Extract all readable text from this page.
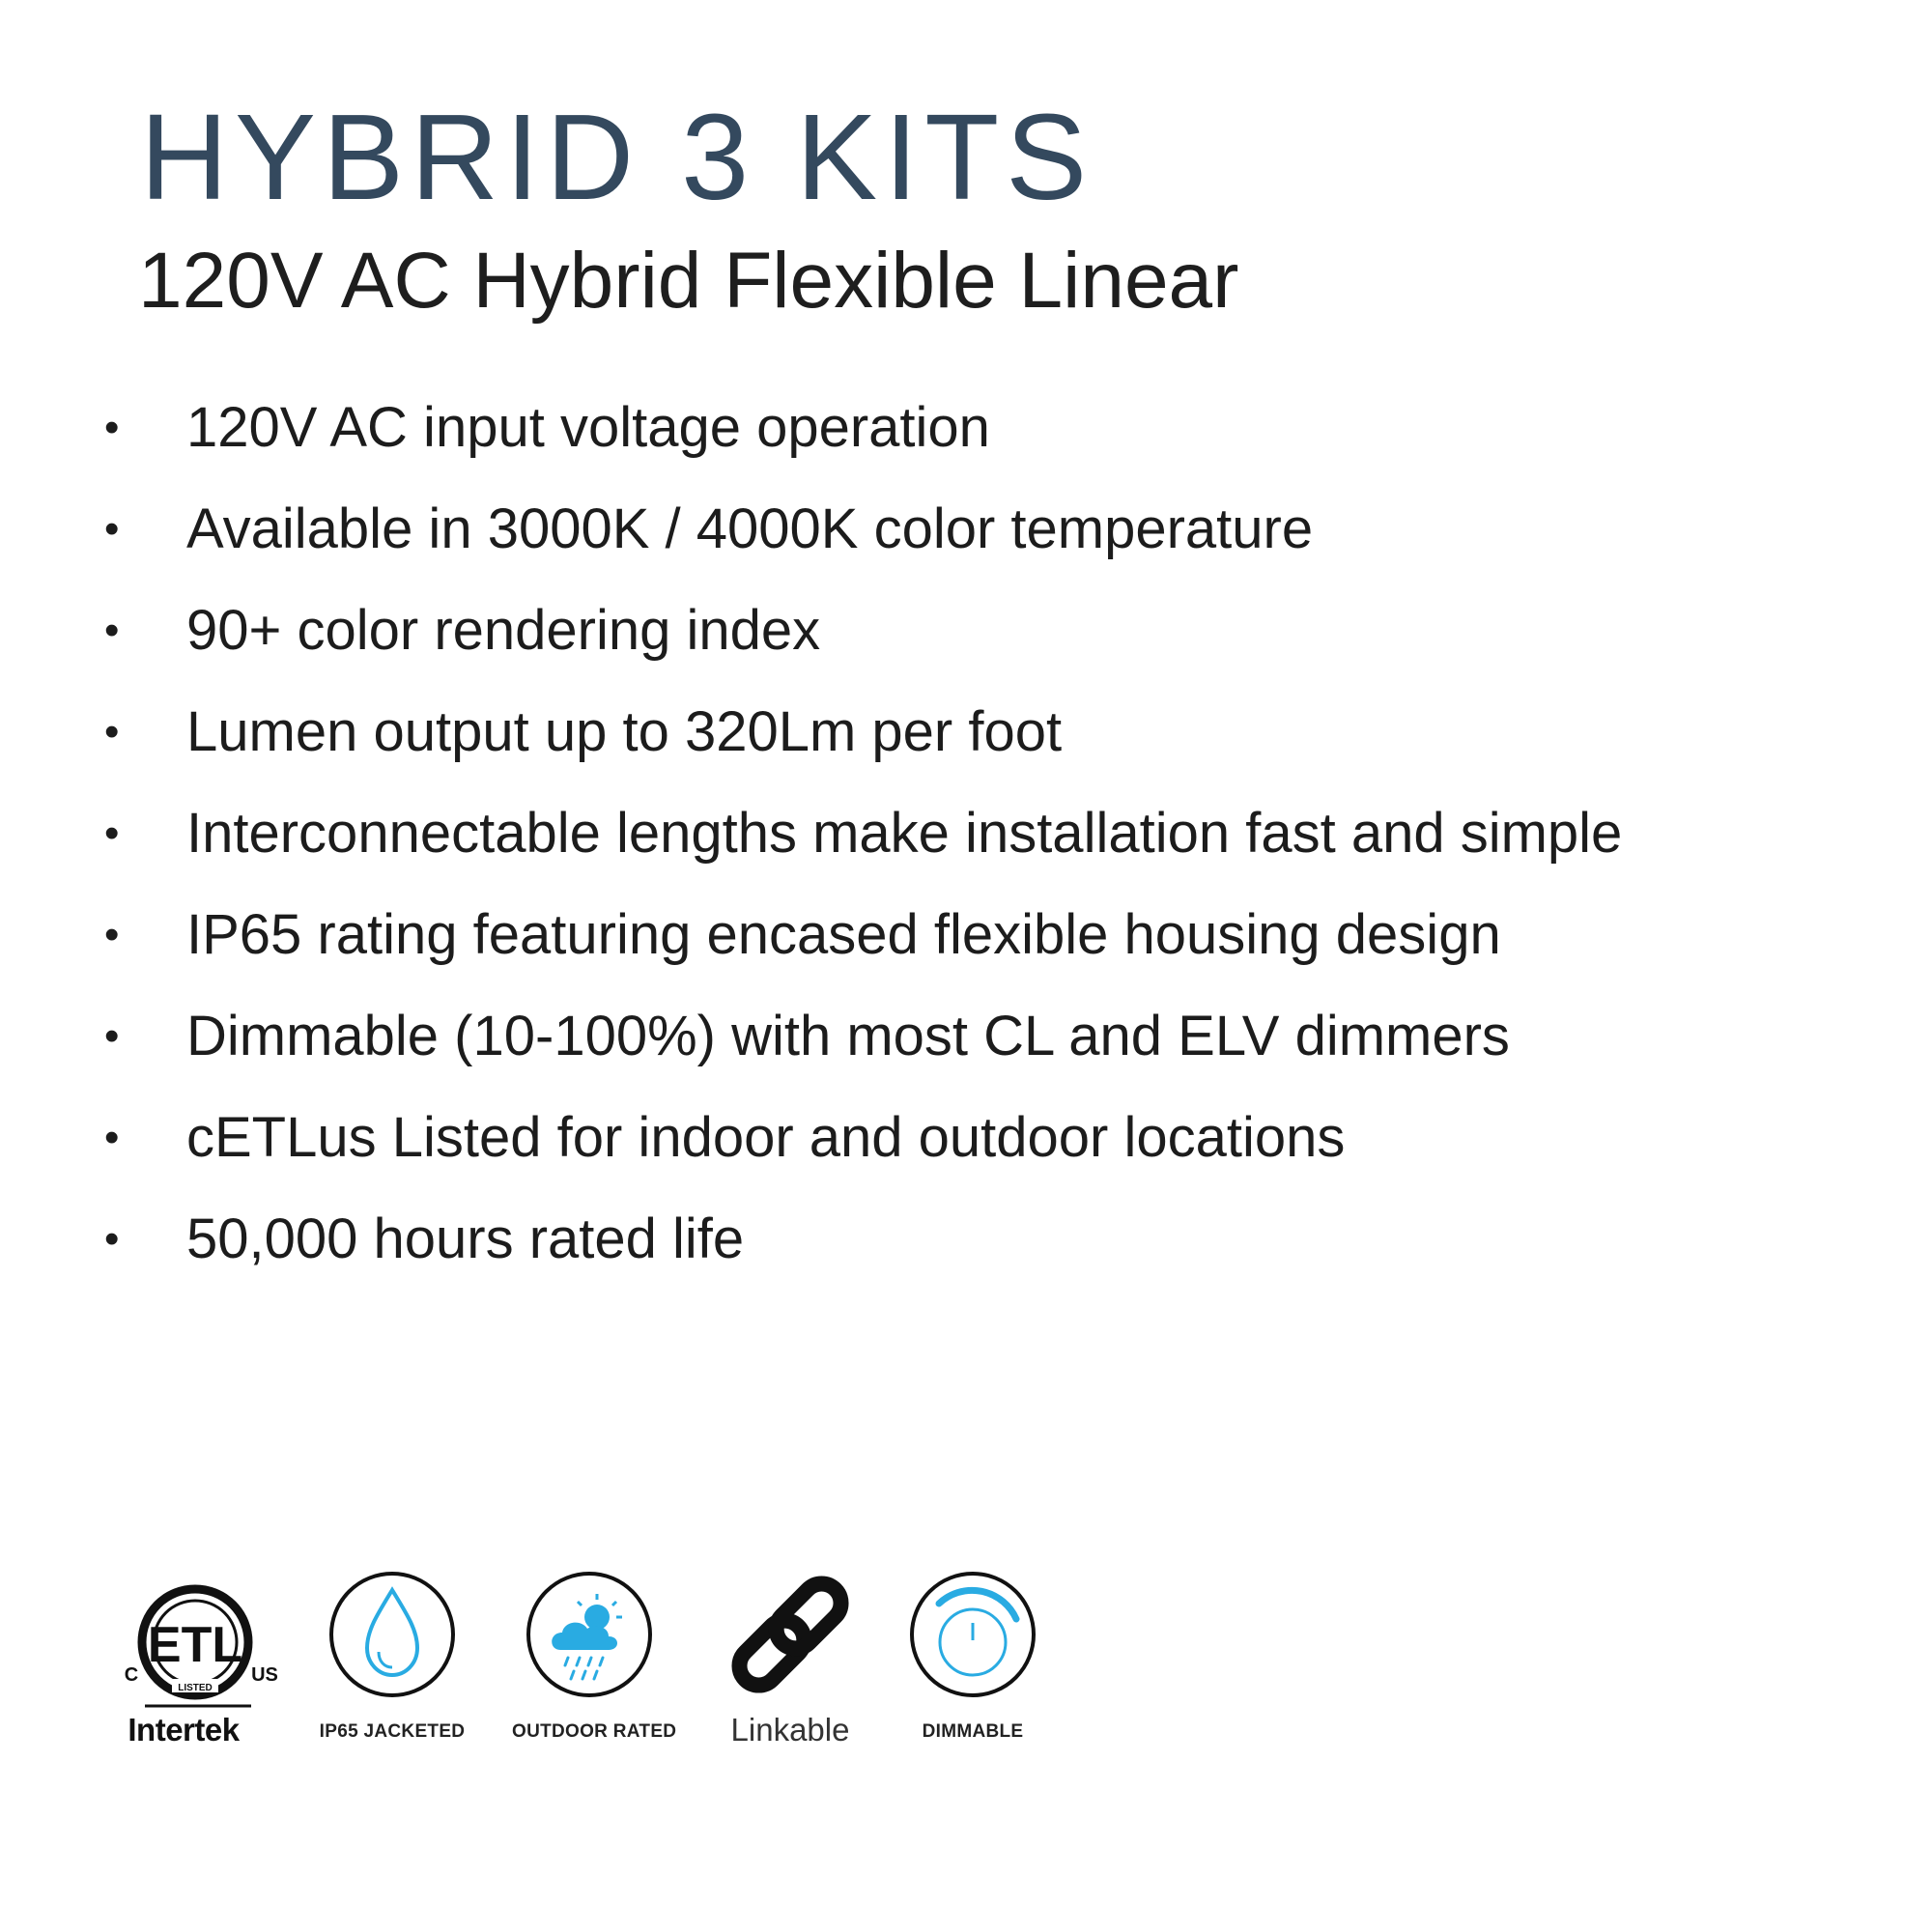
HYBRID 3 KITS
120V AC Hybrid Flexible Linear
• 120V AC input voltage operation
• Available in 3000K / 4000K color temperature
• 90+ color rendering index
• Lumen output up to 320Lm per foot
• Interconnectable lengths make installation fast and simple
• IP65 rating featuring encased flexible housing design
• Dimmable (10-100%) with most CL and ELV dimmers
• cETLus Listed for indoor and outdoor locations
• 50,000 hours rated life
ETL
LISTED
C	US
Intertek	IP65 JACKETED	OUTDOOR RATED	Linkable	DIMMABLE
